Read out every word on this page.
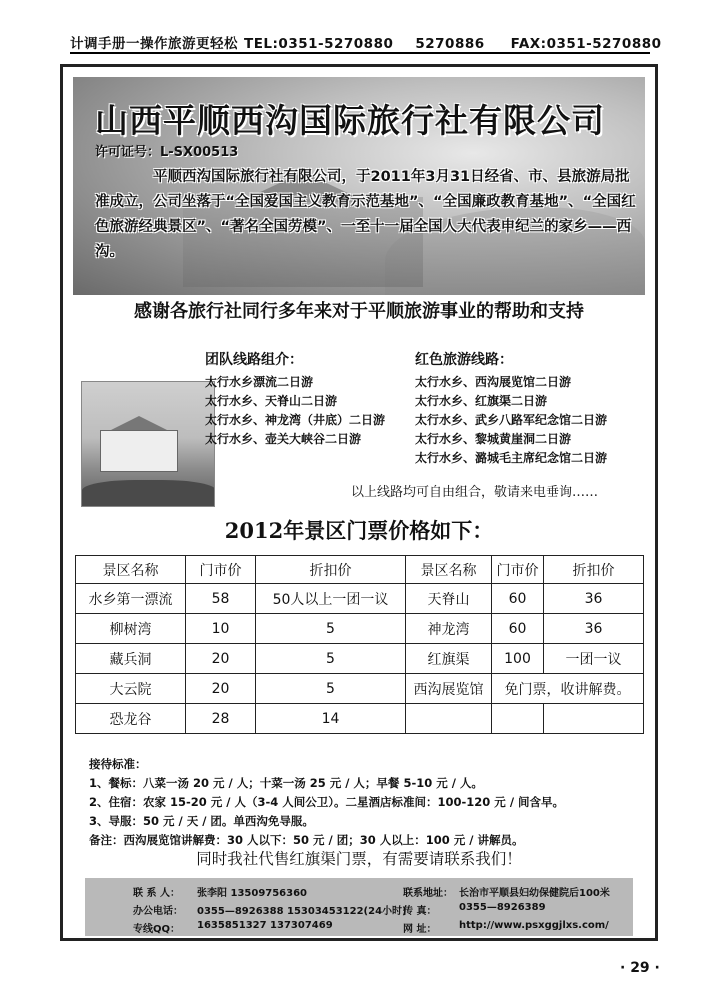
计调手册一操作旅游更轻松 TEL:0351-5270880 5270886 FAX:0351-5270880
山西平顺西沟国际旅行社有限公司
许可证号：L-SX00513
平顺西沟国际旅行社有限公司，于2011年3月31日经省、市、县旅游局批准成立，公司坐落于“全国爱国主义教育示范基地”、“全国廉政教育基地”、“全国红色旅游经典景区”、“著名全国劳模”、一至十一届全国人大代表申纪兰的家乡——西沟。
感谢各旅行社同行多年来对于平顺旅游事业的帮助和支持
团队线路组介：
太行水乡漂流二日游
太行水乡、天脊山二日游
太行水乡、神龙湾（井底）二日游
太行水乡、壶关大峡谷二日游
红色旅游线路：
太行水乡、西沟展览馆二日游
太行水乡、红旗渠二日游
太行水乡、武乡八路军纪念馆二日游
太行水乡、黎城黄崖洞二日游
太行水乡、潞城毛主席纪念馆二日游
以上线路均可自由组合，敬请来电垂询……
2012年景区门票价格如下：
景区名称	门市价	折扣价	景区名称	门市价	折扣价
水乡第一漂流	58	50人以上一团一议	天脊山	60	36
柳树湾	10	5	神龙湾	60	36
藏兵洞	20	5	红旗渠	100	一团一议
大云院	20	5	西沟展览馆	免门票，收讲解费。	
恐龙谷	28	14			
接待标准：
1、餐标：八菜一汤 20 元 / 人；十菜一汤 25 元 / 人；早餐 5-10 元 / 人。
2、住宿：农家 15-20 元 / 人（3-4 人间公卫）。二星酒店标准间：100-120 元 / 间含早。
3、导服：50 元 / 天 / 团。单西沟免导服。
备注：西沟展览馆讲解费：30 人以下：50 元 / 团；30 人以上：100 元 / 讲解员。
同时我社代售红旗渠门票，有需要请联系我们！
联 系 人： 张李阳 13509756360
办公电话： 0355—8926388 15303453122(24小时)
专线QQ： 1635851327 137307469
联系地址： 长治市平顺县妇幼保健院后100米
传 真： 0355—8926389
网 址： http://www.psxggjlxs.com/
· 29 ·
